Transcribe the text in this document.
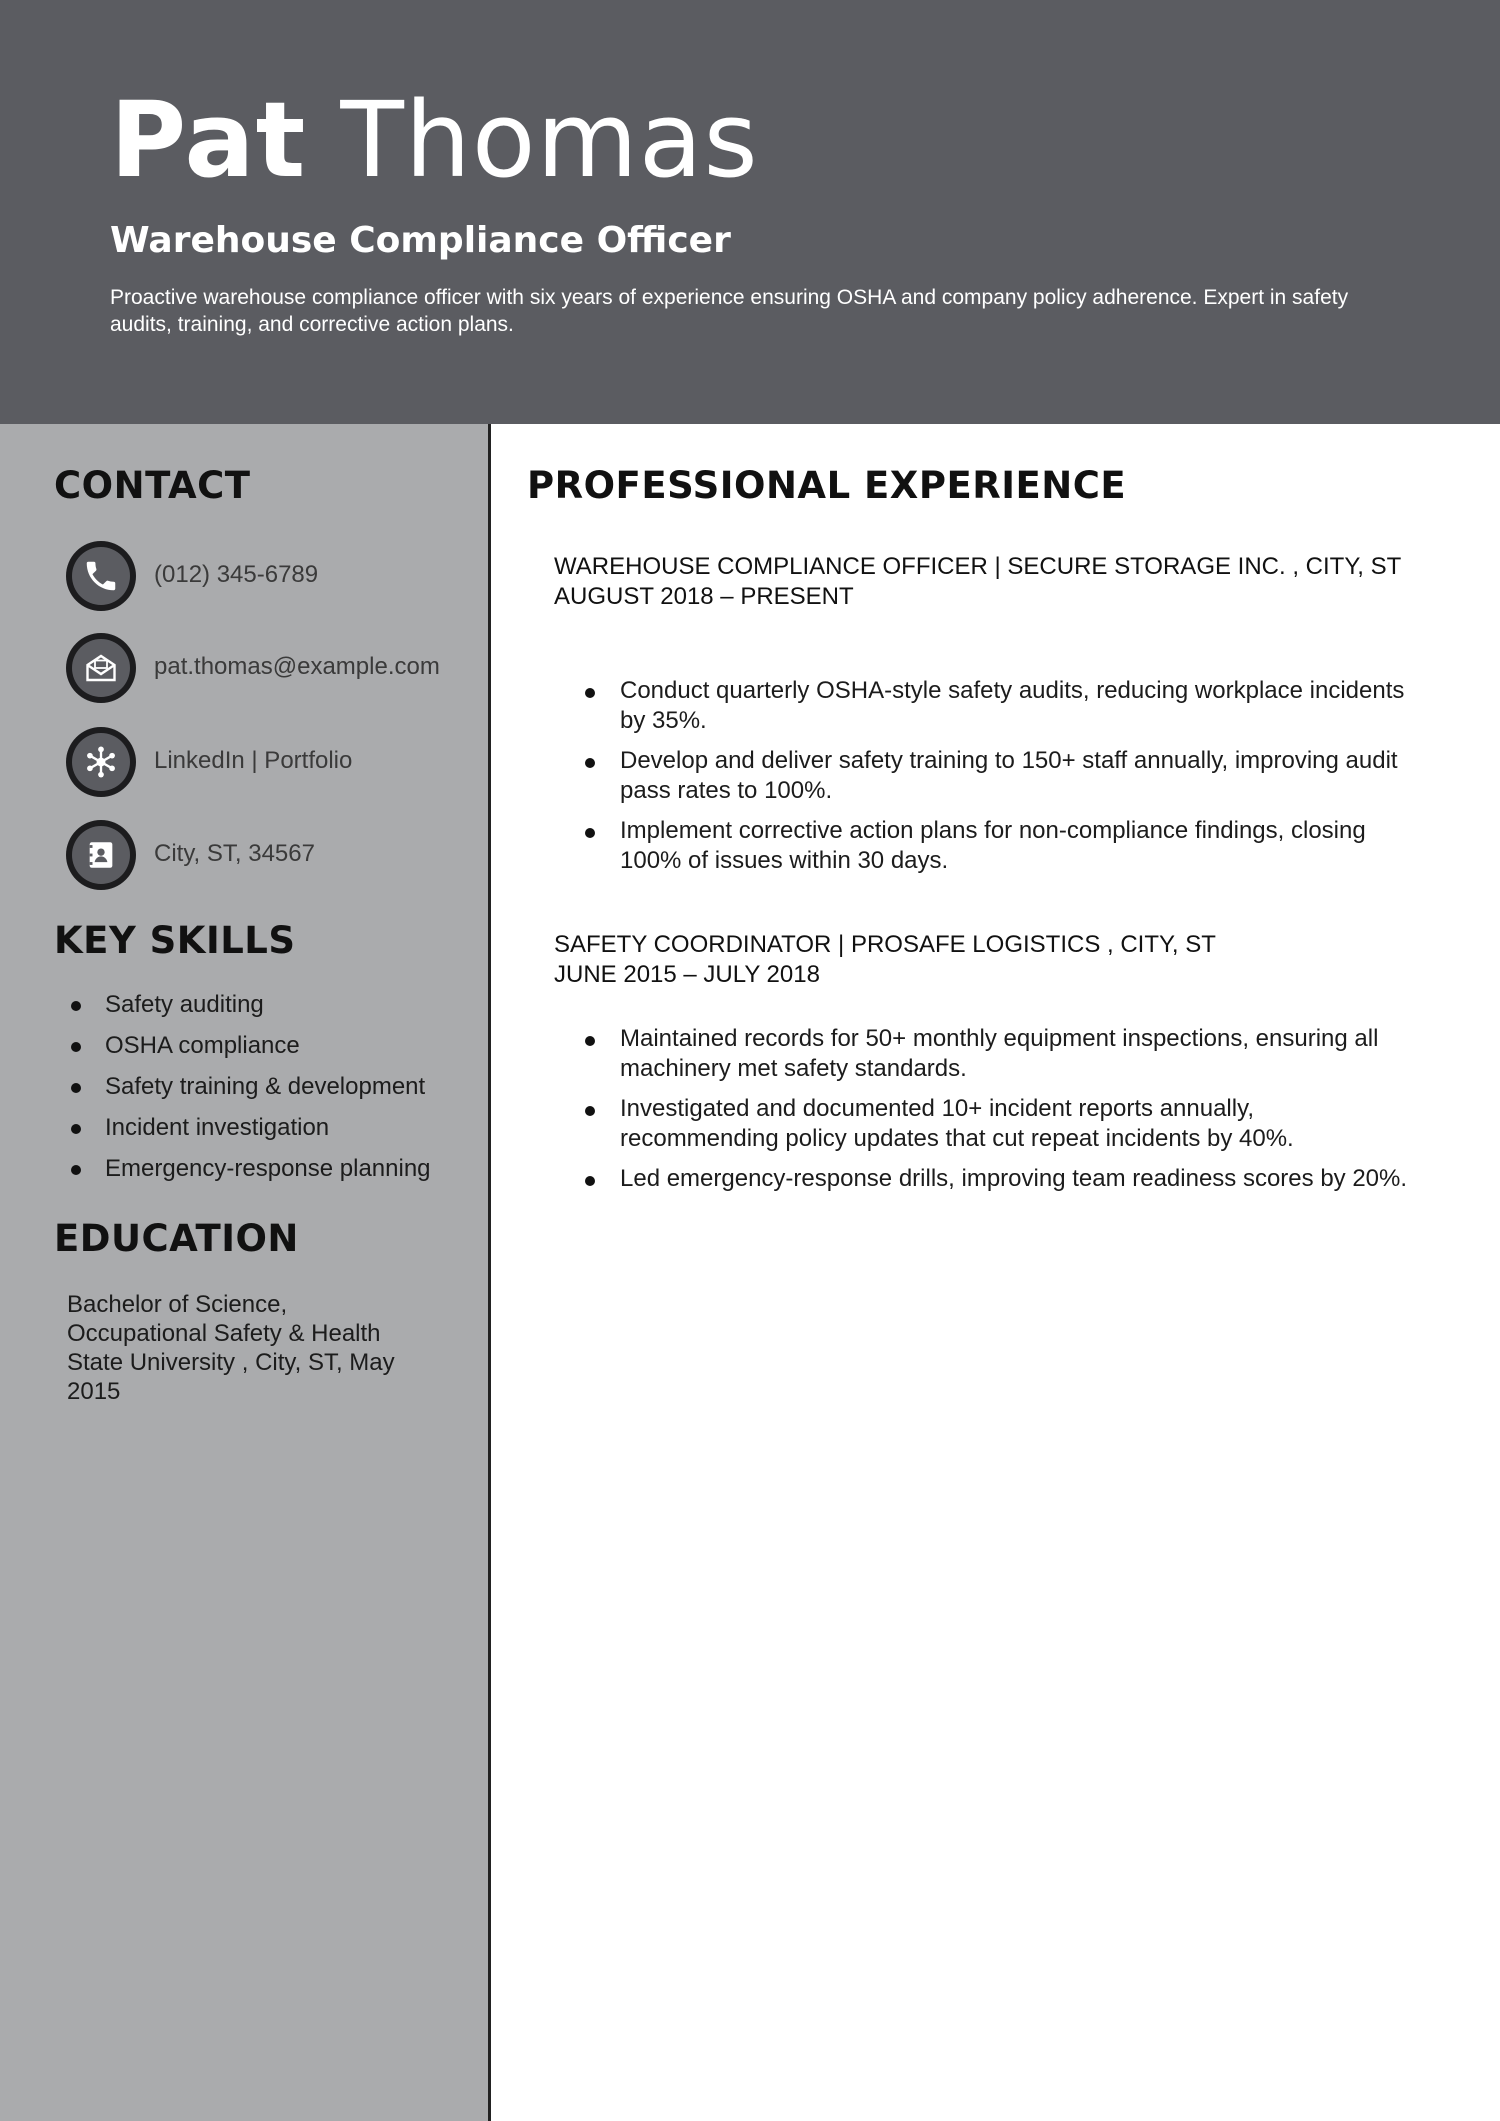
Pat Thomas
Warehouse Compliance Officer
Proactive warehouse compliance officer with six years of experience ensuring OSHA and company policy adherence. Expert in safety audits, training, and corrective action plans.
CONTACT
(012) 345-6789
pat.thomas@example.com
LinkedIn | Portfolio
City, ST, 34567
KEY SKILLS
Safety auditing
OSHA compliance
Safety training & development
Incident investigation
Emergency-response planning
EDUCATION
Bachelor of Science, Occupational Safety & Health State University , City, ST, May 2015
PROFESSIONAL EXPERIENCE
WAREHOUSE COMPLIANCE OFFICER | SECURE STORAGE INC. , CITY, ST
AUGUST 2018 – PRESENT
Conduct quarterly OSHA-style safety audits, reducing workplace incidents by 35%.
Develop and deliver safety training to 150+ staff annually, improving audit pass rates to 100%.
Implement corrective action plans for non-compliance findings, closing 100% of issues within 30 days.
SAFETY COORDINATOR | PROSAFE LOGISTICS , CITY, ST
JUNE 2015 – JULY 2018
Maintained records for 50+ monthly equipment inspections, ensuring all machinery met safety standards.
Investigated and documented 10+ incident reports annually, recommending policy updates that cut repeat incidents by 40%.
Led emergency-response drills, improving team readiness scores by 20%.
